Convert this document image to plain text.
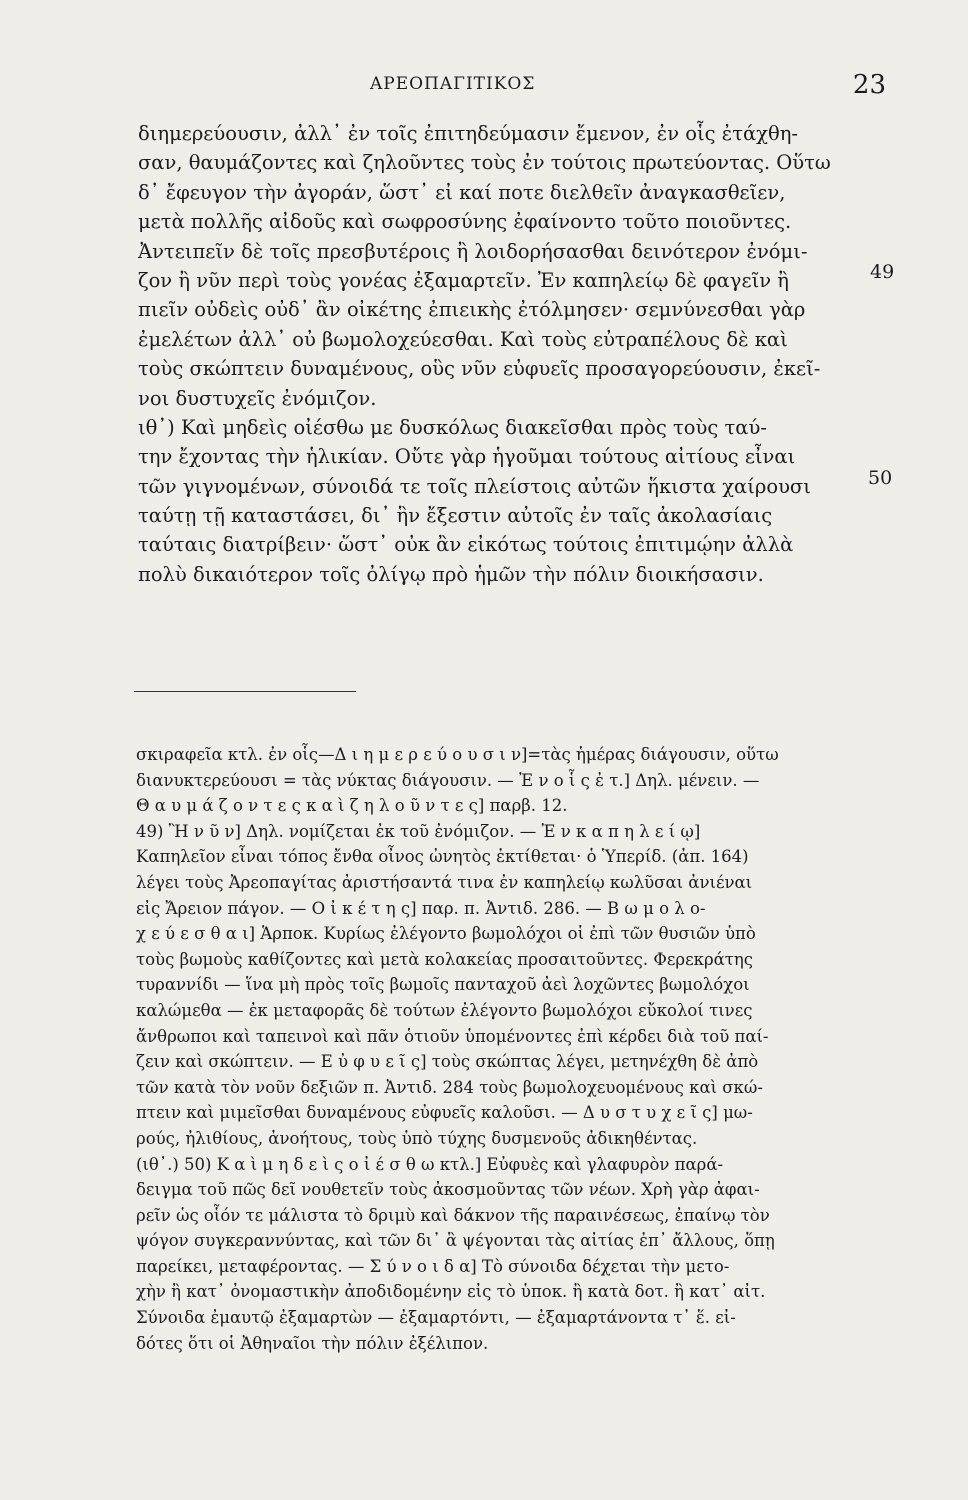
ΑΡΕΟΠΑΓΙΤΙΚΟΣ	23
διημερεύουσιν, ἀλλ᾽ ἐν τοῖς ἐπιτηδεύμασιν ἔμενον, ἐν οἷς ἐτάχθη-
σαν, θαυμάζοντες καὶ ζηλοῦντες τοὺς ἐν τούτοις πρωτεύοντας. Οὕτω
δ᾽ ἔφευγον τὴν ἀγοράν, ὥστ᾽ εἰ καί ποτε διελθεῖν ἀναγκασθεῖεν,
μετὰ πολλῆς αἰδοῦς καὶ σωφροσύνης ἐφαίνοντο τοῦτο ποιοῦντες.
Ἀντειπεῖν δὲ τοῖς πρεσβυτέροις ἢ λοιδορήσασθαι δεινότερον ἐνόμι-
ζον ἢ νῦν περὶ τοὺς γονέας ἐξαμαρτεῖν. Ἐν καπηλείῳ δὲ φαγεῖν ἢ
πιεῖν οὐδεὶς οὐδ᾽ ἂν οἰκέτης ἐπιεικὴς ἐτόλμησεν· σεμνύνεσθαι γὰρ
ἐμελέτων ἀλλ᾽ οὐ βωμολοχεύεσθαι. Καὶ τοὺς εὐτραπέλους δὲ καὶ
τοὺς σκώπτειν δυναμένους, οὓς νῦν εὐφυεῖς προσαγορεύουσιν, ἐκεῖ-
νοι δυστυχεῖς ἐνόμιζον.
ιθ᾽) Καὶ μηδεὶς οἰέσθω με δυσκόλως διακεῖσθαι πρὸς τοὺς ταύ-
την ἔχοντας τὴν ἡλικίαν. Οὔτε γὰρ ἡγοῦμαι τούτους αἰτίους εἶναι
τῶν γιγνομένων, σύνοιδά τε τοῖς πλείστοις αὐτῶν ἥκιστα χαίρουσι
ταύτῃ τῇ καταστάσει, δι᾽ ἣν ἔξεστιν αὐτοῖς ἐν ταῖς ἀκολασίαις
ταύταις διατρίβειν· ὥστ᾽ οὐκ ἂν εἰκότως τούτοις ἐπιτιμῴην ἀλλὰ
πολὺ δικαιότερον τοῖς ὀλίγῳ πρὸ ἡμῶν τὴν πόλιν διοικήσασιν.
49
50
σκιραφεῖα κτλ. ἐν οἷς—Δ ι η μ ε ρ ε ύ ο υ σ ι ν]=τὰς ἡμέρας διάγουσιν, οὕτω
διανυκτερεύουσι = τὰς νύκτας διάγουσιν. — Ἐ ν ο ἷ ς ἐ τ.] Δηλ. μένειν. —
Θ α υ μ ά ζ ο ν τ ε ς κ α ὶ ζ η λ ο ῦ ν τ ε ς] παρβ. 12.
49) Ἢ ν ῦ ν] Δηλ. νομίζεται ἐκ τοῦ ἐνόμιζον. — Ἐ ν κ α π η λ ε ί ῳ]
Καπηλεῖον εἶναι τόπος ἔνθα οἶνος ὠνητὸς ἐκτίθεται· ὁ Ὑπερίδ. (ἀπ. 164)
λέγει τοὺς Ἀρεοπαγίτας ἀριστήσαντά τινα ἐν καπηλείῳ κωλῦσαι ἀνιέναι
εἰς Ἄρειον πάγον. — Ο ἰ κ έ τ η ς] παρ. π. Ἀντιδ. 286. — Β ω μ ο λ ο-
χ ε ύ ε σ θ α ι] Ἁρποκ. Κυρίως ἐλέγοντο βωμολόχοι οἱ ἐπὶ τῶν θυσιῶν ὑπὸ
τοὺς βωμοὺς καθίζοντες καὶ μετὰ κολακείας προσαιτοῦντες. Φερεκράτης
τυραννίδι — ἵνα μὴ πρὸς τοῖς βωμοῖς πανταχοῦ ἀεὶ λοχῶντες βωμολόχοι
καλώμεθα — ἐκ μεταφορᾶς δὲ τούτων ἐλέγοντο βωμολόχοι εὔκολοί τινες
ἄνθρωποι καὶ ταπεινοὶ καὶ πᾶν ὁτιοῦν ὑπομένοντες ἐπὶ κέρδει διὰ τοῦ παί-
ζειν καὶ σκώπτειν. — Ε ὐ φ υ ε ῖ ς] τοὺς σκώπτας λέγει, μετηνέχθη δὲ ἀπὸ
τῶν κατὰ τὸν νοῦν δεξιῶν π. Ἀντιδ. 284 τοὺς βωμολοχευομένους καὶ σκώ-
πτειν καὶ μιμεῖσθαι δυναμένους εὐφυεῖς καλοῦσι. — Δ υ σ τ υ χ ε ῖ ς] μω-
ρούς, ἠλιθίους, ἀνοήτους, τοὺς ὑπὸ τύχης δυσμενοῦς ἀδικηθέντας.
(ιθ᾽.) 50) Κ α ὶ μ η δ ε ὶ ς ο ἰ έ σ θ ω κτλ.] Εὐφυὲς καὶ γλαφυρὸν παρά-
δειγμα τοῦ πῶς δεῖ νουθετεῖν τοὺς ἀκοσμοῦντας τῶν νέων. Χρὴ γὰρ ἀφαι-
ρεῖν ὡς οἷόν τε μάλιστα τὸ δριμὺ καὶ δάκνον τῆς παραινέσεως, ἐπαίνῳ τὸν
ψόγον συγκεραννύντας, καὶ τῶν δι᾽ ἃ ψέγονται τὰς αἰτίας ἐπ᾽ ἄλλους, ὅπῃ
παρείκει, μεταφέροντας. — Σ ύ ν ο ι δ α] Τὸ σύνοιδα δέχεται τὴν μετο-
χὴν ἢ κατ᾽ ὀνομαστικὴν ἀποδιδομένην εἰς τὸ ὑποκ. ἢ κατὰ δοτ. ἢ κατ᾽ αἰτ.
Σύνοιδα ἐμαυτῷ ἐξαμαρτὼν — ἐξαμαρτόντι, — ἐξαμαρτάνοντα τ᾽ ἕ. εἰ-
δότες ὅτι οἱ Ἀθηναῖοι τὴν πόλιν ἐξέλιπον.
